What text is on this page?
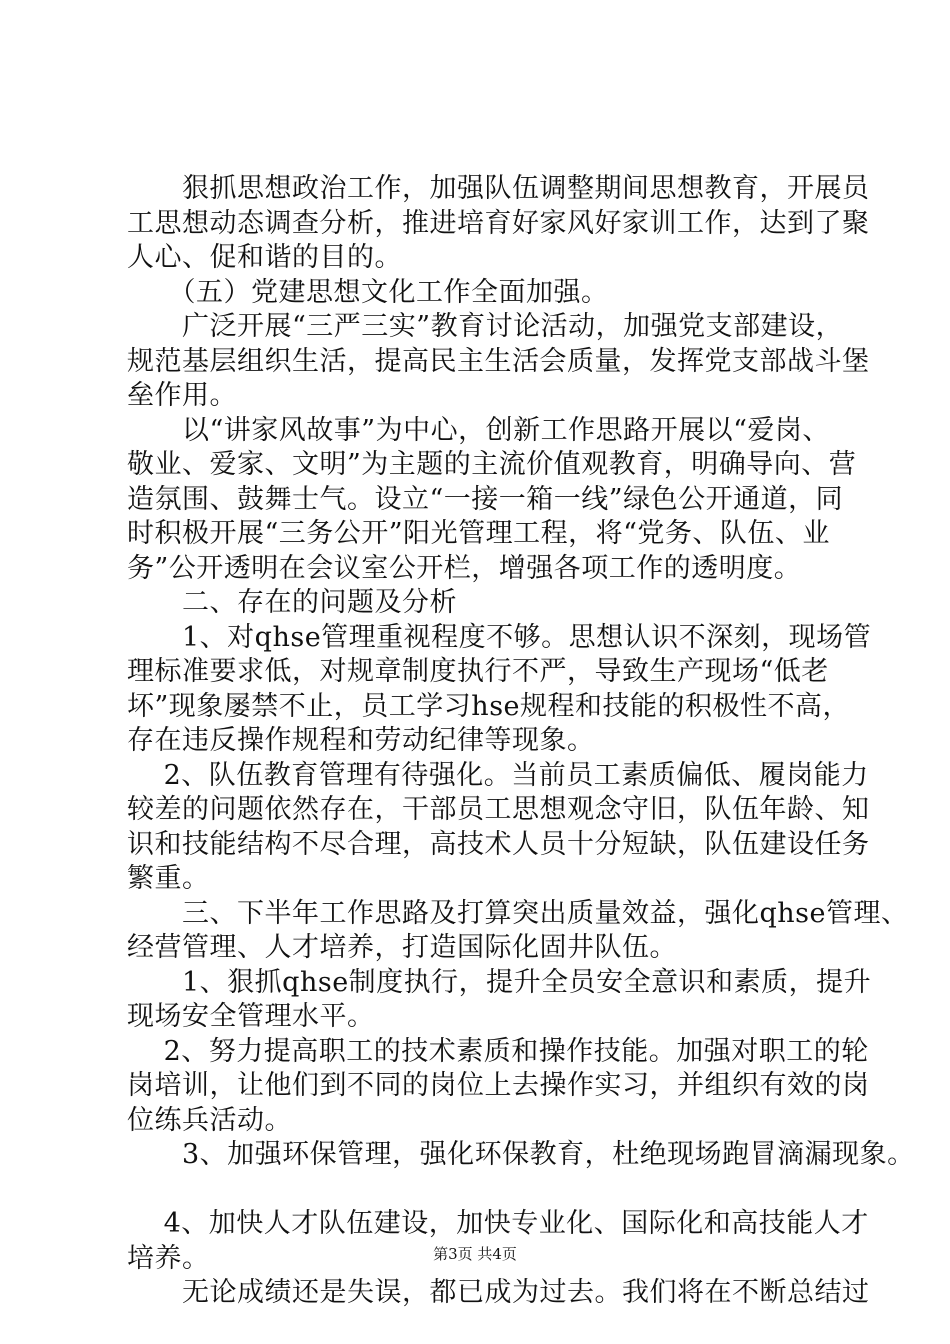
　　狠抓思想政治工作，加强队伍调整期间思想教育，开展员
工思想动态调查分析，推进培育好家风好家训工作，达到了聚
人心、促和谐的目的。
　　（五）党建思想文化工作全面加强。
　　广泛开展“三严三实”教育讨论活动，加强党支部建设，
规范基层组织生活，提高民主生活会质量，发挥党支部战斗堡
垒作用。
　　以“讲家风故事”为中心，创新工作思路开展以“爱岗、
敬业、爱家、文明”为主题的主流价值观教育，明确导向、营
造氛围、鼓舞士气。设立“一接一箱一线”绿色公开通道，同
时积极开展“三务公开”阳光管理工程，将“党务、队伍、业
务”公开透明在会议室公开栏，增强各项工作的透明度。
　　二、存在的问题及分析
　　1、对qhse管理重视程度不够。思想认识不深刻，现场管
理标准要求低，对规章制度执行不严，导致生产现场“低老
坏”现象屡禁不止，员工学习hse规程和技能的积极性不高，
存在违反操作规程和劳动纪律等现象。
　 2、队伍教育管理有待强化。当前员工素质偏低、履岗能力
较差的问题依然存在，干部员工思想观念守旧，队伍年龄、知
识和技能结构不尽合理，高技术人员十分短缺，队伍建设任务
繁重。
　　三、下半年工作思路及打算突出质量效益，强化qhse管理、
经营管理、人才培养，打造国际化固井队伍。
　　1、狠抓qhse制度执行，提升全员安全意识和素质，提升
现场安全管理水平。
　 2、努力提高职工的技术素质和操作技能。加强对职工的轮
岗培训，让他们到不同的岗位上去操作实习，并组织有效的岗
位练兵活动。
　　3、加强环保管理，强化环保教育，杜绝现场跑冒滴漏现象。
　 4、加快人才队伍建设，加快专业化、国际化和高技能人才
培养。
　　无论成绩还是失误，都已成为过去。我们将在不断总结过
第3页 共4页
